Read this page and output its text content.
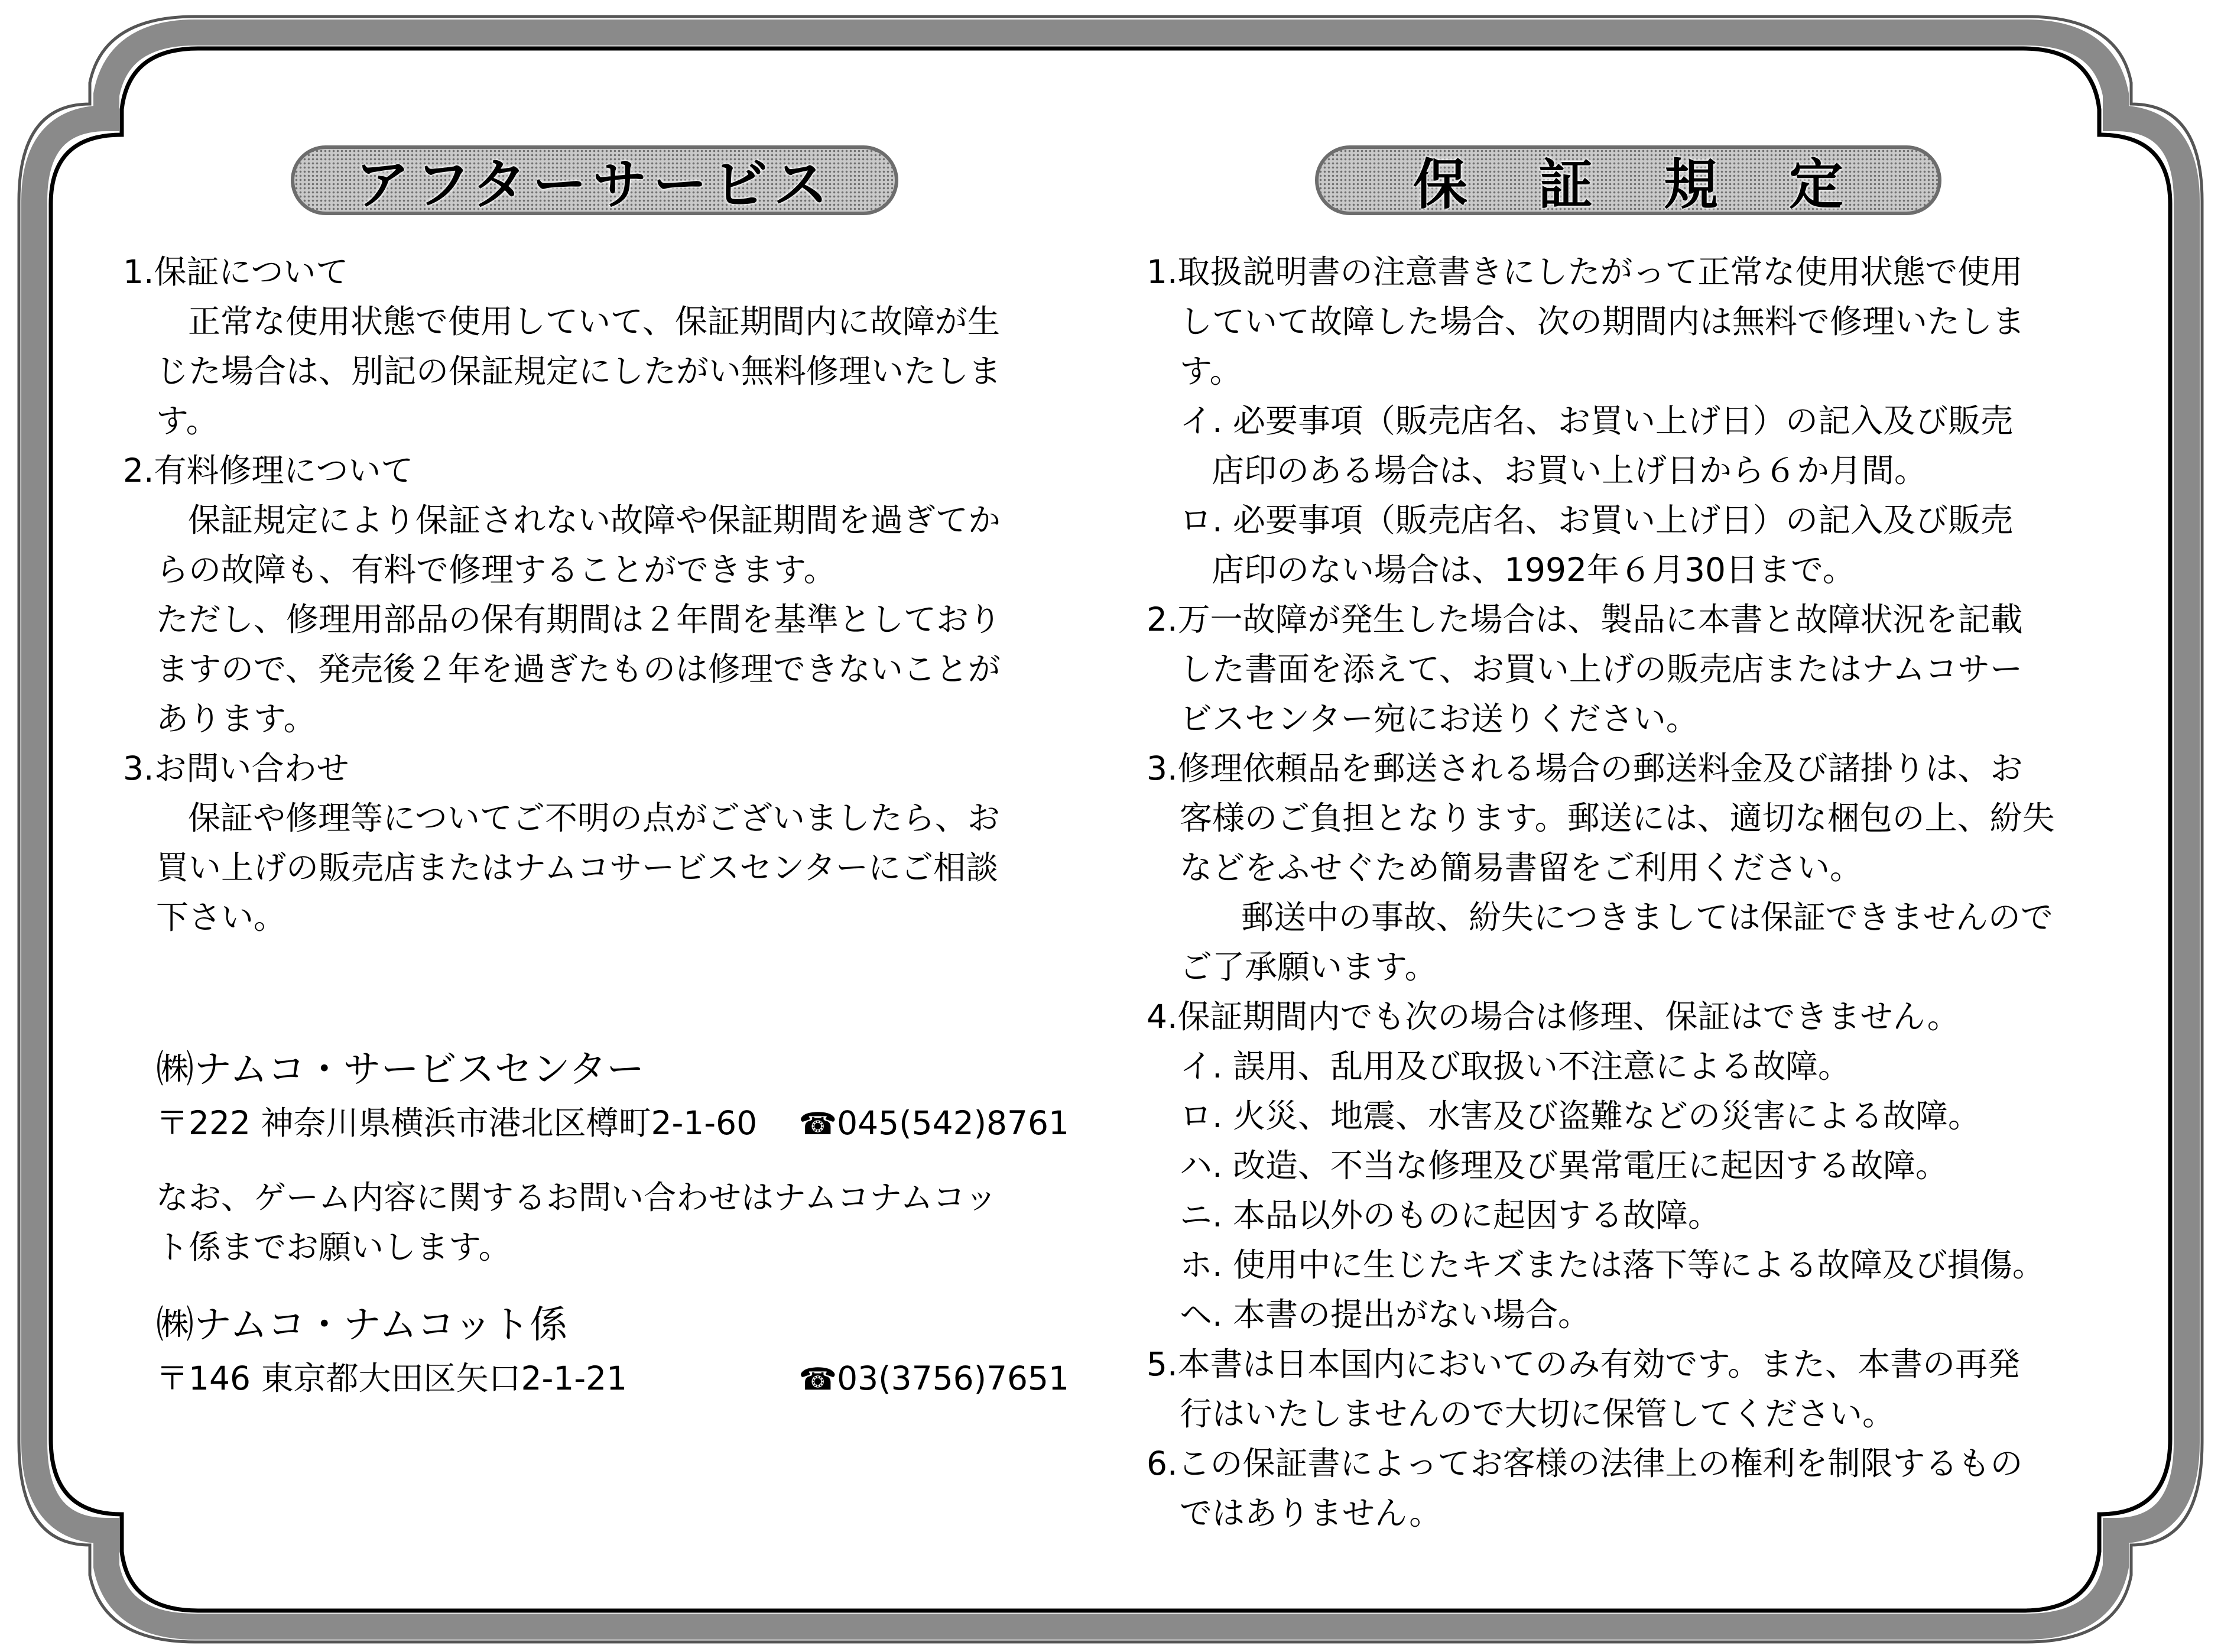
アフターサービス	保証規定
1.保証について
正常な使用状態で使用していて、保証期間内に故障が生
じた場合は、別記の保証規定にしたがい無料修理いたしま
す。
2.有料修理について
保証規定により保証されない故障や保証期間を過ぎてか
らの故障も、有料で修理することができます。
ただし、修理用部品の保有期間は２年間を基準としており
ますので、発売後２年を過ぎたものは修理できないことが
あります。
3.お問い合わせ
保証や修理等についてご不明の点がございましたら、お
買い上げの販売店またはナムコサービスセンターにご相談
下さい。
㈱ナムコ・サービスセンター
〒222 神奈川県横浜市港北区樽町2-1-60 ☎045(542)8761
なお、ゲーム内容に関するお問い合わせはナムコナムコッ
ト係までお願いします。
㈱ナムコ・ナムコット係
〒146 東京都大田区矢口2-1-21	☎03(3756)7651
1.取扱説明書の注意書きにしたがって正常な使用状態で使用
していて故障した場合、次の期間内は無料で修理いたしま
す。
イ. 必要事項（販売店名、お買い上げ日）の記入及び販売
店印のある場合は、お買い上げ日から６か月間。
ロ. 必要事項（販売店名、お買い上げ日）の記入及び販売
店印のない場合は、1992年６月30日まで。
2.万一故障が発生した場合は、製品に本書と故障状況を記載
した書面を添えて、お買い上げの販売店またはナムコサー
ビスセンター宛にお送りください。
3.修理依頼品を郵送される場合の郵送料金及び諸掛りは、お
客様のご負担となります。郵送には、適切な梱包の上、紛失
などをふせぐため簡易書留をご利用ください。
郵送中の事故、紛失につきましては保証できませんので
ご了承願います。
4.保証期間内でも次の場合は修理、保証はできません。
イ. 誤用、乱用及び取扱い不注意による故障。
ロ. 火災、地震、水害及び盗難などの災害による故障。
ハ. 改造、不当な修理及び異常電圧に起因する故障。
ニ. 本品以外のものに起因する故障。
ホ. 使用中に生じたキズまたは落下等による故障及び損傷。
ヘ. 本書の提出がない場合。
5.本書は日本国内においてのみ有効です。また、本書の再発
行はいたしませんので大切に保管してください。
6.この保証書によってお客様の法律上の権利を制限するもの
ではありません。
